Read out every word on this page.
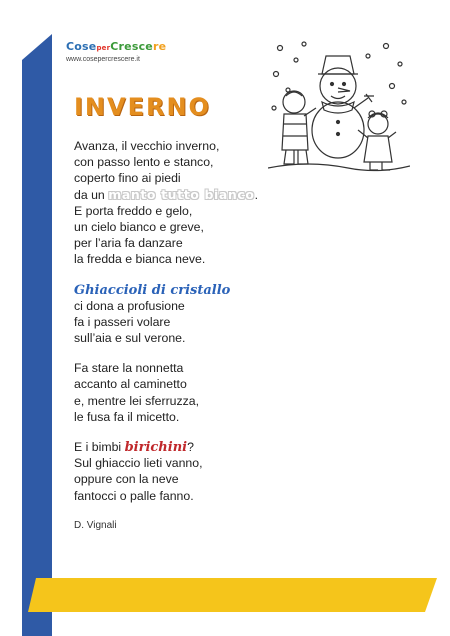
CoseperCrescere
www.cosepercrescere.it
INVERNO
Avanza, il vecchio inverno,
con passo lento e stanco,
coperto fino ai piedi
da un manto tutto bianco.
E porta freddo e gelo,
un cielo bianco e greve,
per l’aria fa danzare
la fredda e bianca neve.
Ghiaccioli di cristallo
ci dona a profusione
fa i passeri volare
sull’aia e sul verone.
Fa stare la nonnetta
accanto al caminetto
e, mentre lei sferruzza,
le fusa fa il micetto.
E i bimbi birichini?
Sul ghiaccio lieti vanno,
oppure con la neve
fantocci o palle fanno.
D. Vignali
